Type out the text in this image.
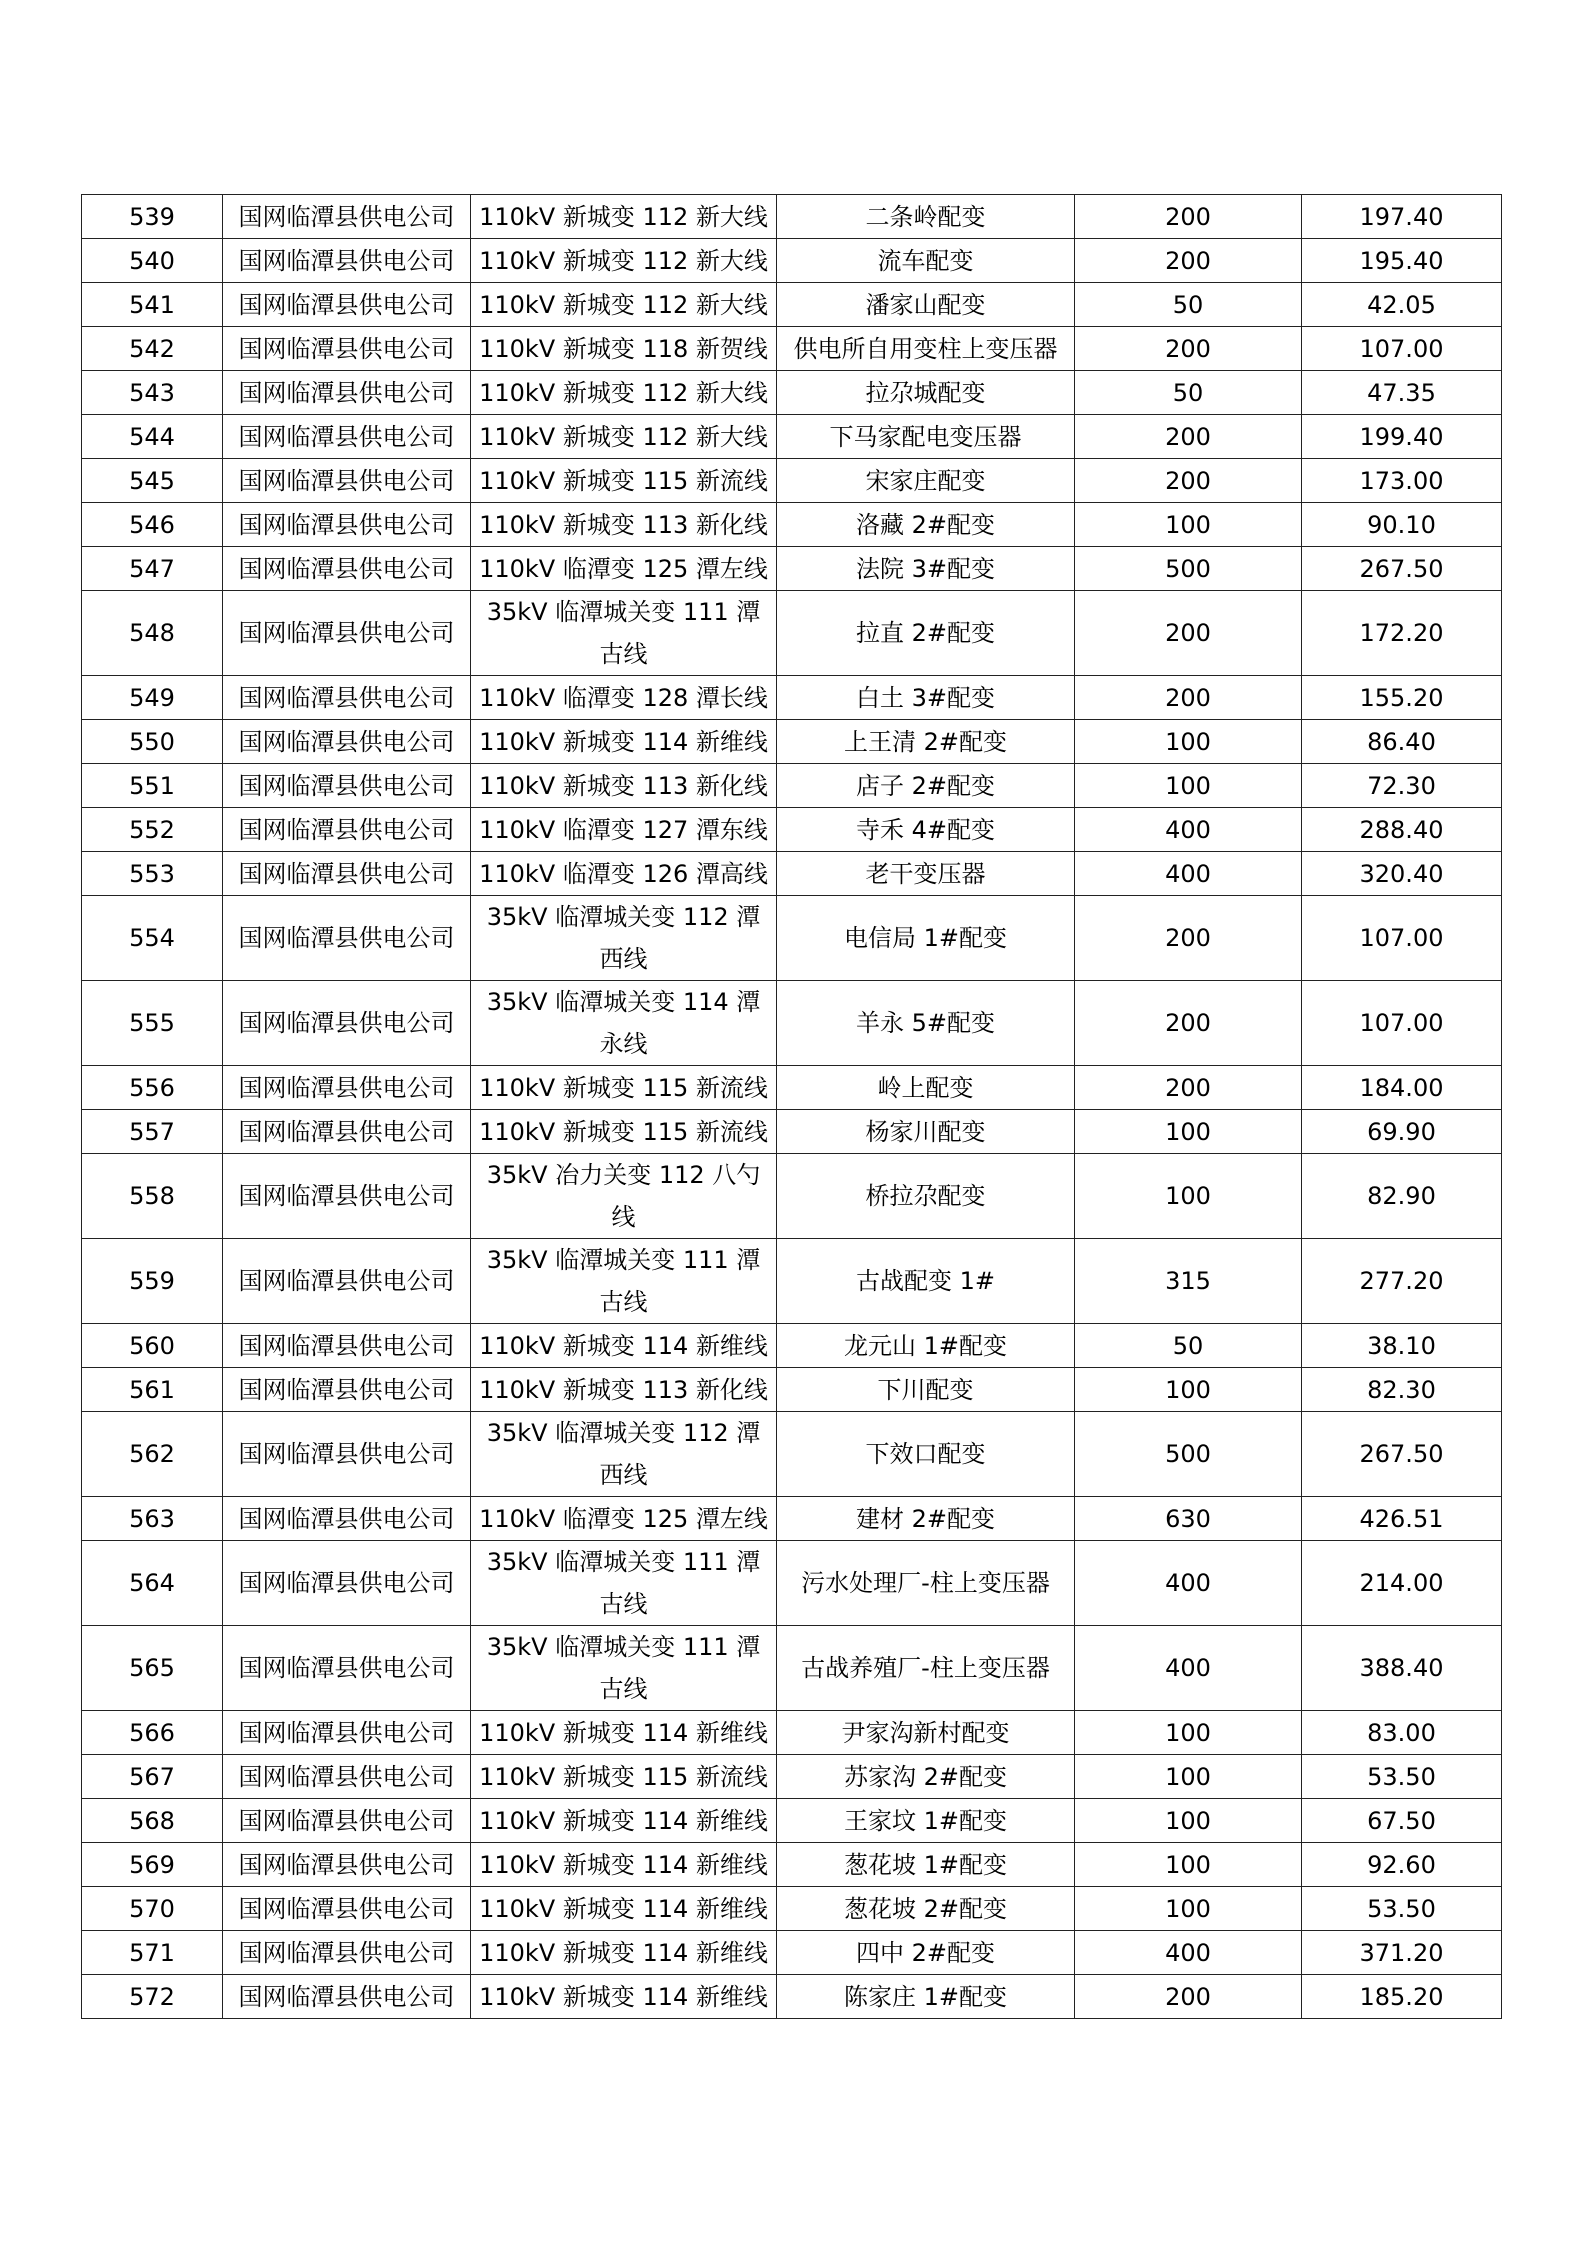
539	国网临潭县供电公司	110kV 新城变 112 新大线	二条岭配变	200	197.40
540	国网临潭县供电公司	110kV 新城变 112 新大线	流车配变	200	195.40
541	国网临潭县供电公司	110kV 新城变 112 新大线	潘家山配变	50	42.05
542	国网临潭县供电公司	110kV 新城变 118 新贺线	供电所自用变柱上变压器	200	107.00
543	国网临潭县供电公司	110kV 新城变 112 新大线	拉尕城配变	50	47.35
544	国网临潭县供电公司	110kV 新城变 112 新大线	下马家配电变压器	200	199.40
545	国网临潭县供电公司	110kV 新城变 115 新流线	宋家庄配变	200	173.00
546	国网临潭县供电公司	110kV 新城变 113 新化线	洛藏 2#配变	100	90.10
547	国网临潭县供电公司	110kV 临潭变 125 潭左线	法院 3#配变	500	267.50
548	国网临潭县供电公司	35kV 临潭城关变 111 潭古线	拉直 2#配变	200	172.20
549	国网临潭县供电公司	110kV 临潭变 128 潭长线	白土 3#配变	200	155.20
550	国网临潭县供电公司	110kV 新城变 114 新维线	上王清 2#配变	100	86.40
551	国网临潭县供电公司	110kV 新城变 113 新化线	店子 2#配变	100	72.30
552	国网临潭县供电公司	110kV 临潭变 127 潭东线	寺禾 4#配变	400	288.40
553	国网临潭县供电公司	110kV 临潭变 126 潭高线	老干变压器	400	320.40
554	国网临潭县供电公司	35kV 临潭城关变 112 潭西线	电信局 1#配变	200	107.00
555	国网临潭县供电公司	35kV 临潭城关变 114 潭永线	羊永 5#配变	200	107.00
556	国网临潭县供电公司	110kV 新城变 115 新流线	岭上配变	200	184.00
557	国网临潭县供电公司	110kV 新城变 115 新流线	杨家川配变	100	69.90
558	国网临潭县供电公司	35kV 冶力关变 112 八勺线	桥拉尕配变	100	82.90
559	国网临潭县供电公司	35kV 临潭城关变 111 潭古线	古战配变 1#	315	277.20
560	国网临潭县供电公司	110kV 新城变 114 新维线	龙元山 1#配变	50	38.10
561	国网临潭县供电公司	110kV 新城变 113 新化线	下川配变	100	82.30
562	国网临潭县供电公司	35kV 临潭城关变 112 潭西线	下效口配变	500	267.50
563	国网临潭县供电公司	110kV 临潭变 125 潭左线	建材 2#配变	630	426.51
564	国网临潭县供电公司	35kV 临潭城关变 111 潭古线	污水处理厂-柱上变压器	400	214.00
565	国网临潭县供电公司	35kV 临潭城关变 111 潭古线	古战养殖厂-柱上变压器	400	388.40
566	国网临潭县供电公司	110kV 新城变 114 新维线	尹家沟新村配变	100	83.00
567	国网临潭县供电公司	110kV 新城变 115 新流线	苏家沟 2#配变	100	53.50
568	国网临潭县供电公司	110kV 新城变 114 新维线	王家坟 1#配变	100	67.50
569	国网临潭县供电公司	110kV 新城变 114 新维线	葱花坡 1#配变	100	92.60
570	国网临潭县供电公司	110kV 新城变 114 新维线	葱花坡 2#配变	100	53.50
571	国网临潭县供电公司	110kV 新城变 114 新维线	四中 2#配变	400	371.20
572	国网临潭县供电公司	110kV 新城变 114 新维线	陈家庄 1#配变	200	185.20
